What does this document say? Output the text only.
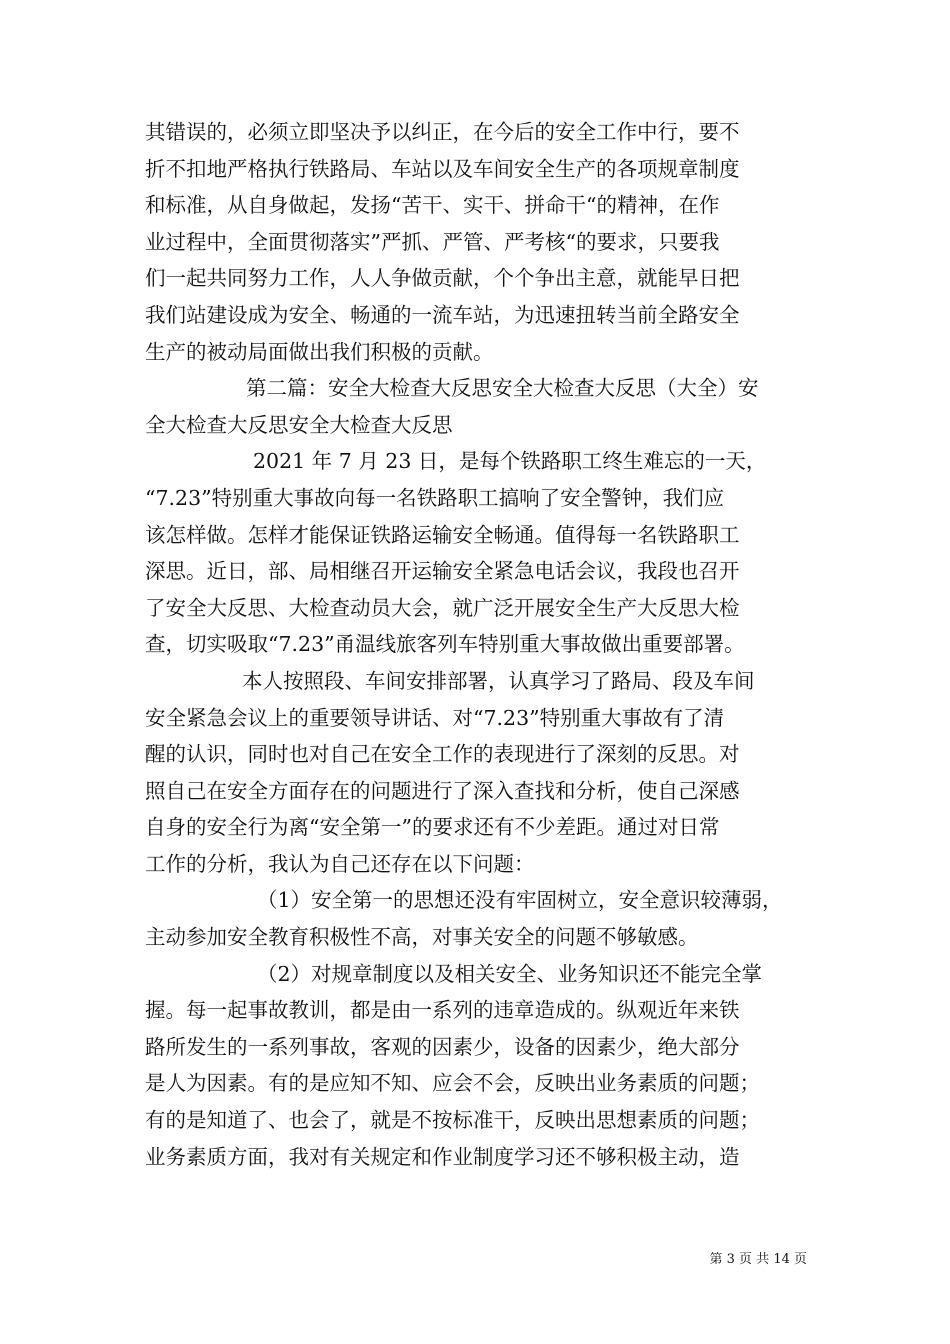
其错误的，必须立即坚决予以纠正，在今后的安全工作中行，要不
折不扣地严格执行铁路局、车站以及车间安全生产的各项规章制度
和标准，从自身做起，发扬“苦干、实干、拼命干“的精神，在作
业过程中，全面贯彻落实”严抓、严管、严考核“的要求，只要我
们一起共同努力工作，人人争做贡献，个个争出主意，就能早日把
我们站建设成为安全、畅通的一流车站，为迅速扭转当前全路安全
生产的被动局面做出我们积极的贡献。
第二篇：安全大检查大反思安全大检查大反思（大全）安
全大检查大反思安全大检查大反思
2021 年 7 月 23 日，是每个铁路职工终生难忘的一天，
“7.23”特别重大事故向每一名铁路职工搞响了安全警钟，我们应
该怎样做。怎样才能保证铁路运输安全畅通。值得每一名铁路职工
深思。近日，部、局相继召开运输安全紧急电话会议，我段也召开
了安全大反思、大检查动员大会，就广泛开展安全生产大反思大检
查，切实吸取“7.23”甬温线旅客列车特别重大事故做出重要部署。
本人按照段、车间安排部署，认真学习了路局、段及车间
安全紧急会议上的重要领导讲话、对“7.23”特别重大事故有了清
醒的认识，同时也对自己在安全工作的表现进行了深刻的反思。对
照自己在安全方面存在的问题进行了深入查找和分析，使自己深感
自身的安全行为离“安全第一”的要求还有不少差距。通过对日常
工作的分析，我认为自己还存在以下问题：
（1）安全第一的思想还没有牢固树立，安全意识较薄弱，
主动参加安全教育积极性不高，对事关安全的问题不够敏感。
（2）对规章制度以及相关安全、业务知识还不能完全掌
握。每一起事故教训，都是由一系列的违章造成的。纵观近年来铁
路所发生的一系列事故，客观的因素少，设备的因素少，绝大部分
是人为因素。有的是应知不知、应会不会，反映出业务素质的问题；
有的是知道了、也会了，就是不按标准干，反映出思想素质的问题；
业务素质方面，我对有关规定和作业制度学习还不够积极主动，造
第 3 页 共 14 页
